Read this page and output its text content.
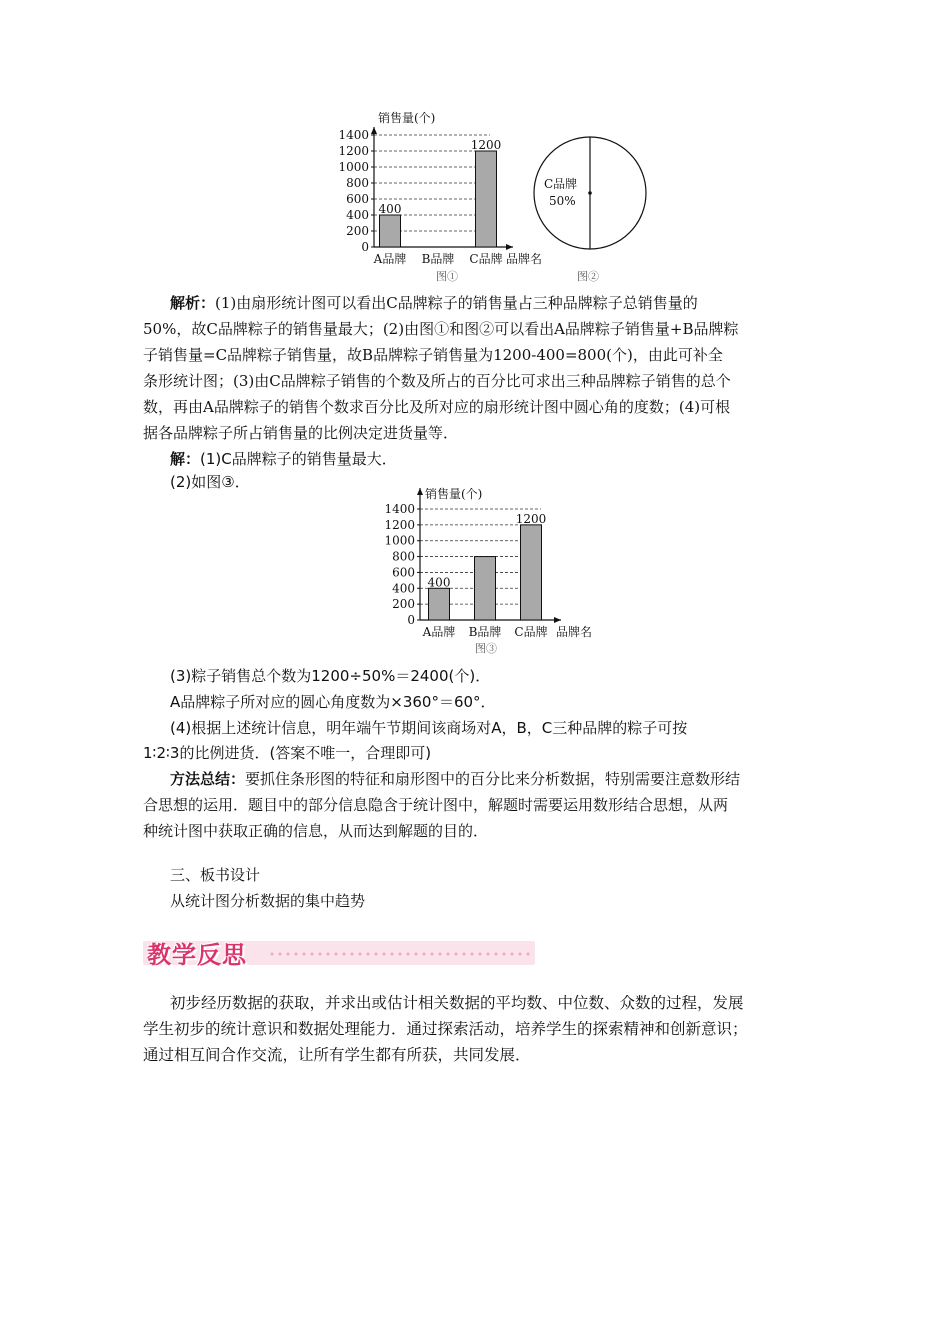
销售量(个)
0
200
400
600
800
1000
1200
1400
400
A品牌 B品牌
1200
C品牌 品牌名
图①
C品牌
50%
图②
解析：(1)由扇形统计图可以看出C品牌粽子的销售量占三种品牌粽子总销售量的
50%，故C品牌粽子的销售量最大；(2)由图①和图②可以看出A品牌粽子销售量+B品牌粽
子销售量=C品牌粽子销售量，故B品牌粽子销售量为1200-400=800(个)，由此可补全
条形统计图；(3)由C品牌粽子销售的个数及所占的百分比可求出三种品牌粽子销售的总个
数，再由A品牌粽子的销售个数求百分比及所对应的扇形统计图中圆心角的度数；(4)可根
据各品牌粽子所占销售量的比例决定进货量等．
解：(1)C品牌粽子的销售量最大．
(2)如图③．
销售量(个)
0
200
400
600
800
1000
1200
1400
400
A品牌 B品牌
1200
C品牌 品牌名
图③
(3)粽子销售总个数为1200÷50%＝2400(个)．
A品牌粽子所对应的圆心角度数为×360°＝60°．
(4)根据上述统计信息，明年端午节期间该商场对A，B，C三种品牌的粽子可按
1∶2∶3的比例进货．(答案不唯一，合理即可)
方法总结：要抓住条形图的特征和扇形图中的百分比来分析数据，特别需要注意数形结
合思想的运用．题目中的部分信息隐含于统计图中，解题时需要运用数形结合思想，从两
种统计图中获取正确的信息，从而达到解题的目的．
三、板书设计
从统计图分析数据的集中趋势
教学反思
初步经历数据的获取，并求出或估计相关数据的平均数、中位数、众数的过程，发展
学生初步的统计意识和数据处理能力．通过探索活动，培养学生的探索精神和创新意识；
通过相互间合作交流，让所有学生都有所获，共同发展．
